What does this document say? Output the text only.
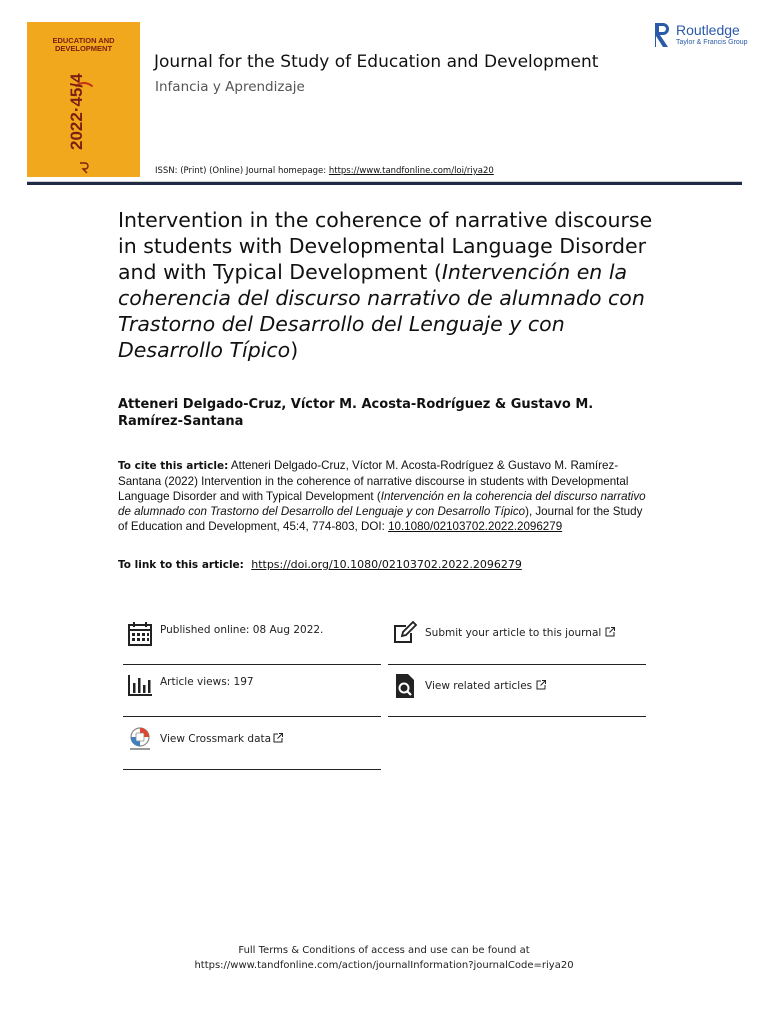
EDUCATION AND
DEVELOPMENT
2022·45/4
Journal for the Study of Education and Development
Infancia y Aprendizaje
ISSN: (Print) (Online) Journal homepage: https://www.tandfonline.com/loi/riya20
Routledge
Taylor & Francis Group
Intervention in the coherence of narrative discourse in students with Developmental Language Disorder and with Typical Development (Intervención en la coherencia del discurso narrativo de alumnado con Trastorno del Desarrollo del Lenguaje y con Desarrollo Típico)
Atteneri Delgado-Cruz, Víctor M. Acosta-Rodríguez & Gustavo M. Ramírez-Santana
To cite this article: Atteneri Delgado-Cruz, Víctor M. Acosta-Rodríguez & Gustavo M. Ramírez-Santana (2022) Intervention in the coherence of narrative discourse in students with Developmental Language Disorder and with Typical Development (Intervención en la coherencia del discurso narrativo de alumnado con Trastorno del Desarrollo del Lenguaje y con Desarrollo Típico), Journal for the Study of Education and Development, 45:4, 774-803, DOI: 10.1080/02103702.2022.2096279
To link to this article: https://doi.org/10.1080/02103702.2022.2096279
Published online: 08 Aug 2022.	Submit your article to this journal
Article views: 197	View related articles
View Crossmark data
Full Terms & Conditions of access and use can be found at
https://www.tandfonline.com/action/journalInformation?journalCode=riya20
